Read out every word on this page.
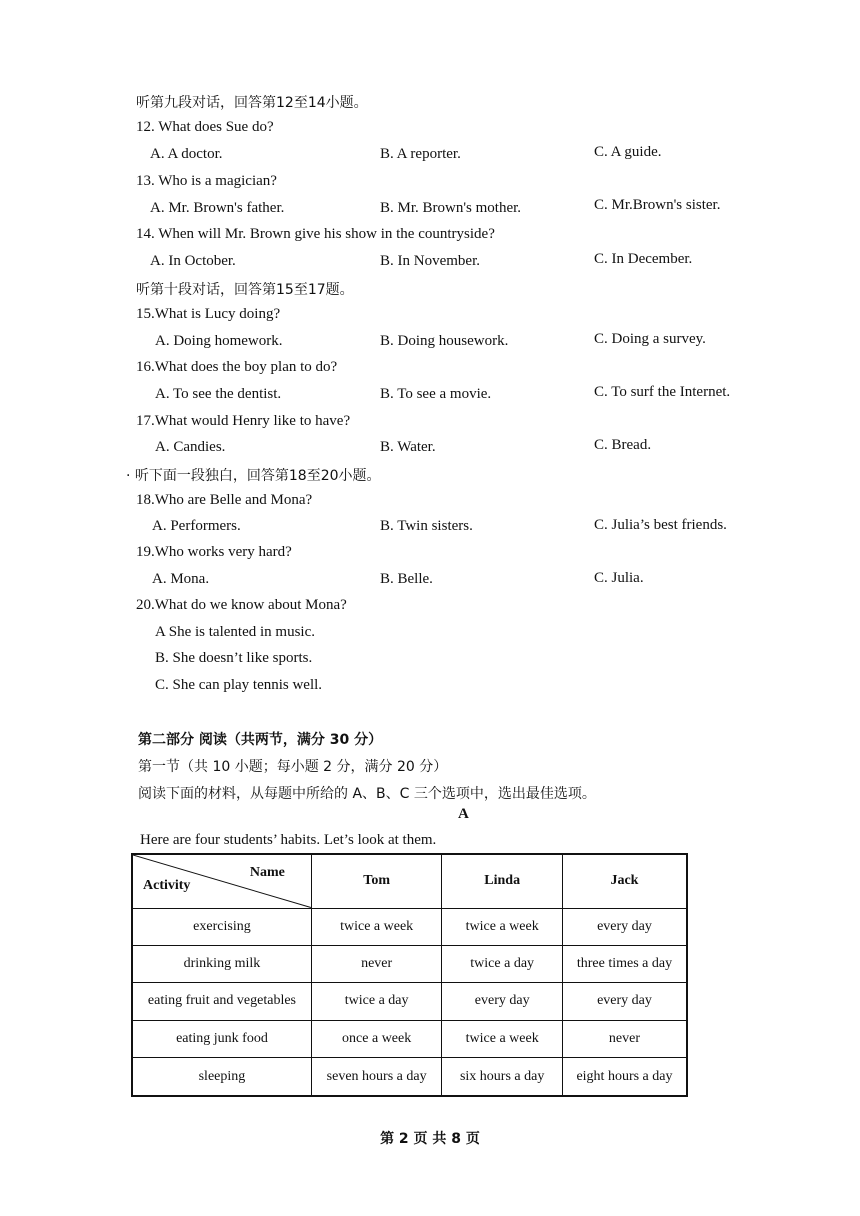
听第九段对话，回答第12至14小题。
12. What does Sue do?
A. A doctor.	B. A reporter.	C. A guide.
13. Who is a magician?
A. Mr. Brown's father.	B. Mr. Brown's mother.	C. Mr.Brown's sister.
14. When will Mr. Brown give his show in the countryside?
A. In October.	B. In November.	C. In December.
听第十段对话，回答第15至17题。
15.What is Lucy doing?
A. Doing homework.	B. Doing housework.	C. Doing a survey.
16.What does the boy plan to do?
A. To see the dentist.	B. To see a movie.	C. To surf the Internet.
17.What would Henry like to have?
A. Candies.	B. Water.	C. Bread.
· 听下面一段独白，回答第18至20小题。
18.Who are Belle and Mona?
A. Performers.	B. Twin sisters.	C. Julia’s best friends.
19.Who works very hard?
A. Mona.	B. Belle.	C. Julia.
20.What do we know about Mona?
A She is talented in music.
B. She doesn’t like sports.
C. She can play tennis well.
第二部分 阅读（共两节，满分 30 分）
第一节（共 10 小题；每小题 2 分，满分 20 分）
阅读下面的材料，从每题中所给的 A、B、C 三个选项中，选出最佳选项。
A
Here are four students’ habits. Let’s look at them.
Name
Activity	Tom	Linda	Jack
exercising	twice a week	twice a week	every day
drinking milk	never	twice a day	three times a day
eating fruit and vegetables	twice a day	every day	every day
eating junk food	once a week	twice a week	never
sleeping	seven hours a day	six hours a day	eight hours a day
第 2 页 共 8 页
